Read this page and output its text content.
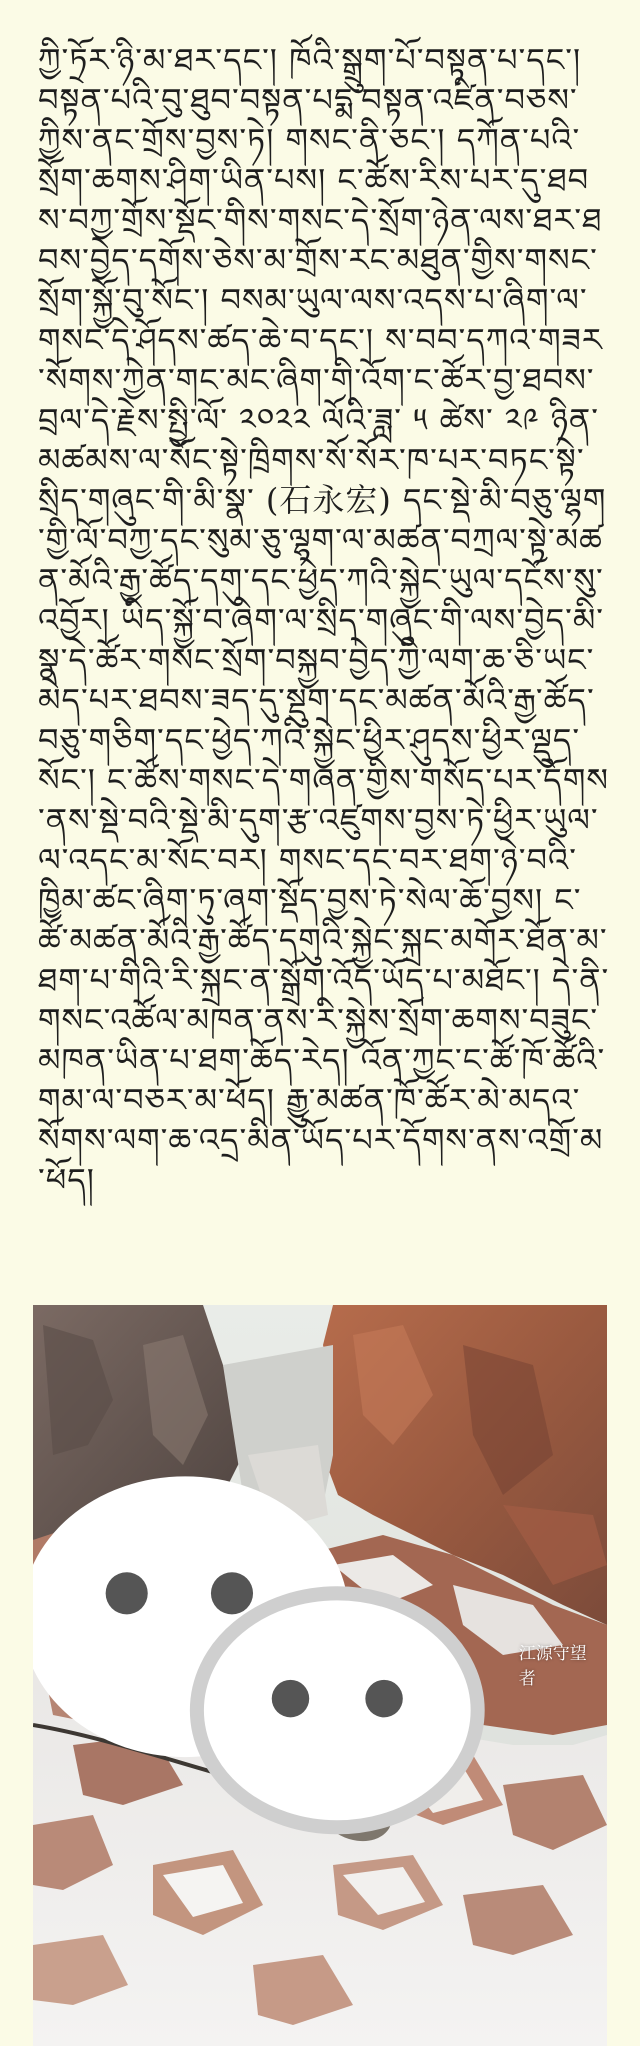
ཀྱི་ཏྲོར་ཉི་མ་ཐར་དང་། ཁོའི་སྒྲུག་པོ་བསྟན་པ་དང་། བསྟན་པའི་བུ་ཐུབ་བསྟན་པདྨ་བསྟན་འཛིན་བཅས་ཀྱིས་ནང་གྲོས་བྱས་ཏེ། གསང་ནི་ཅང་། དཀོན་པའི་སྲོག་ཆགས་ཤིག་ཡིན་པས། ང་ཚོས་རིས་པར་དུ་ཐབས་བཀྱ་གྲོས་སྡོང་གིས་གསང་དེ་སྲོག་ཉེན་ལས་ཐར་ཐབས་བྱེད་དགོས་ཅེས་མ་གྲོས་རང་མཐུན་གྱིས་གསང་སྲོག་སྐྱོ་བུ་སོང་། བསམ་ཡུལ་ལས་འདས་པ་ཞིག་ལ་གསང་དེ་ཤོདས་ཚད་ཆེ་བ་དང་། ས་བབ་དཀའ་གཟར་སོགས་ཀྱེན་གང་མང་ཞིག་གི་འོག་ང་ཚོར་བྱ་ཐབས་བྲལ་དེ་རྗེས་སྤྱི་ལོ་ ༢༠༢༢ ལོའི་ཟླ་ ༥ ཚེས་ ༢༩ ཉིན་ མཚམས་ལ་སོང་སྟེ་ཁྲིགས་སོ་སོར་ཁ་པར་བཏང་སྟེ་སྲིད་གཞུང་གི་མི་སྣ་ (石永宏) དང་སྡེ་མི་བཅུ་ལྷག་གྱི་ལོ་བཀྱ་དང་སུམ་ཅུ་ལྷག་ལ་མཚན་བཀྲལ་སྟེ་མཚན་མོའི་རྒྱ་ཚོད་དགུ་དང་ཕྱེད་ཀའི་སྐྱེང་ཡུལ་དངོས་སུ་འབྱོར། ཡིད་སྐྱོ་བ་ཞིག་ལ་སྲིད་གཞུང་གི་ལས་བྱེད་མི་སྣ་དེ་ཚོར་གསང་སྲོག་བསྐྱབ་བྱེད་ཀྱི་ལག་ཆ་ཅི་ཡང་མེད་པར་ཐབས་ཟད་དུ་སྡུག་དང་མཚན་མོའི་རྒྱ་ཚོད་བཅུ་གཅིག་དང་ཕྱེད་ཀའི་སྐྱེང་ཕྱིར་ཤུདས་ཕྱིར་ལྡུད་སོང་། ང་ཚོས་གསང་དེ་གཞན་གྱིས་གསོད་པར་དོགས་ནས་སྡེ་བའི་སྡེ་མི་དུག་རྩ་འཛུགས་བྱས་ཏེ་ཕྱིར་ཡུལ་ལ་འདང་མ་སོང་བར། གསང་དང་བར་ཐག་ཉེ་བའི་ཁྱིམ་ཚང་ཞིག་ཏུ་ཞག་སྡོད་བྱས་ཏེ་སེལ་ཆོ་བྱས། ང་ཚོ་མཚན་མོའི་རྒྱ་ཚོད་དགུའི་སྐྱེང་སྐྲང་མགོར་ཐོན་མ་ཐག་པ་གིའི་རི་སྐྲང་ན་སྒྲོག་འོད་ཡོད་པ་མཐོང་། དེ་ནི་གསང་འཚོལ་མཁན་ནས་རི་སྐྱེས་སྲོག་ཆགས་བཟུང་མཁན་ཡིན་པ་ཐག་ཆོད་རེད། འོན་ཀྱང་ང་ཚོ་ཁོ་ཚོའི་གམ་ལ་བཅར་མ་ཕོད། རྒྱུ་མཚན་ཁོ་ཚོར་མེ་མདའ་སོགས་ལག་ཆ་འདྲ་མིན་ཡོད་པར་དོགས་ནས་འགྲོ་མ་ཕོད།
江源守望者
